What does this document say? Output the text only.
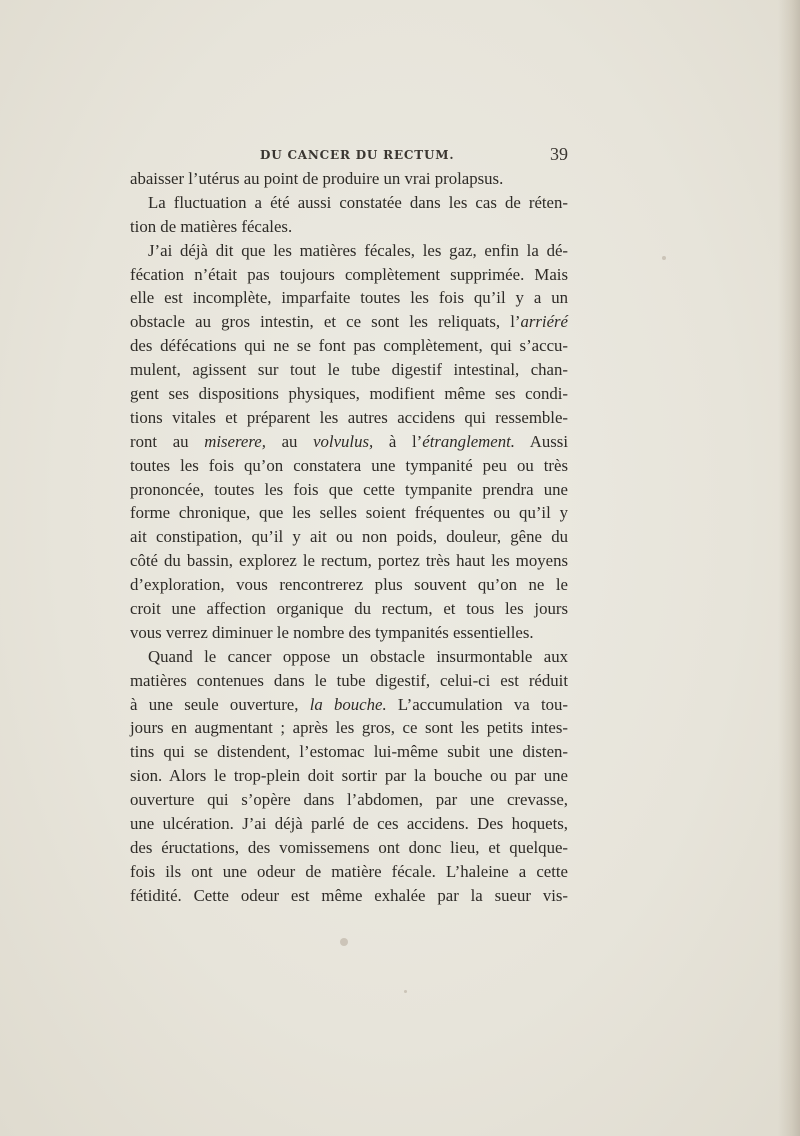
DU CANCER DU RECTUM.	39
abaisser l’utérus au point de produire un vrai prolapsus.
La fluctuation a été aussi constatée dans les cas de réten-
tion de matières fécales.
J’ai déjà dit que les matières fécales, les gaz, enfin la dé-
fécation n’était pas toujours complètement supprimée. Mais
elle est incomplète, imparfaite toutes les fois qu’il y a un
obstacle au gros intestin, et ce sont les reliquats, l’arriéré
des défécations qui ne se font pas complètement, qui s’accu-
mulent, agissent sur tout le tube digestif intestinal, chan-
gent ses dispositions physiques, modifient même ses condi-
tions vitales et préparent les autres accidens qui ressemble-
ront au miserere, au volvulus, à l’étranglement. Aussi
toutes les fois qu’on constatera une tympanité peu ou très
prononcée, toutes les fois que cette tympanite prendra une
forme chronique, que les selles soient fréquentes ou qu’il y
ait constipation, qu’il y ait ou non poids, douleur, gêne du
côté du bassin, explorez le rectum, portez très haut les moyens
d’exploration, vous rencontrerez plus souvent qu’on ne le
croit une affection organique du rectum, et tous les jours
vous verrez diminuer le nombre des tympanités essentielles.
Quand le cancer oppose un obstacle insurmontable aux
matières contenues dans le tube digestif, celui-ci est réduit
à une seule ouverture, la bouche. L’accumulation va tou-
jours en augmentant ; après les gros, ce sont les petits intes-
tins qui se distendent, l’estomac lui-même subit une disten-
sion. Alors le trop-plein doit sortir par la bouche ou par une
ouverture qui s’opère dans l’abdomen, par une crevasse,
une ulcération. J’ai déjà parlé de ces accidens. Des hoquets,
des éructations, des vomissemens ont donc lieu, et quelque-
fois ils ont une odeur de matière fécale. L’haleine a cette
fétidité. Cette odeur est même exhalée par la sueur vis-
